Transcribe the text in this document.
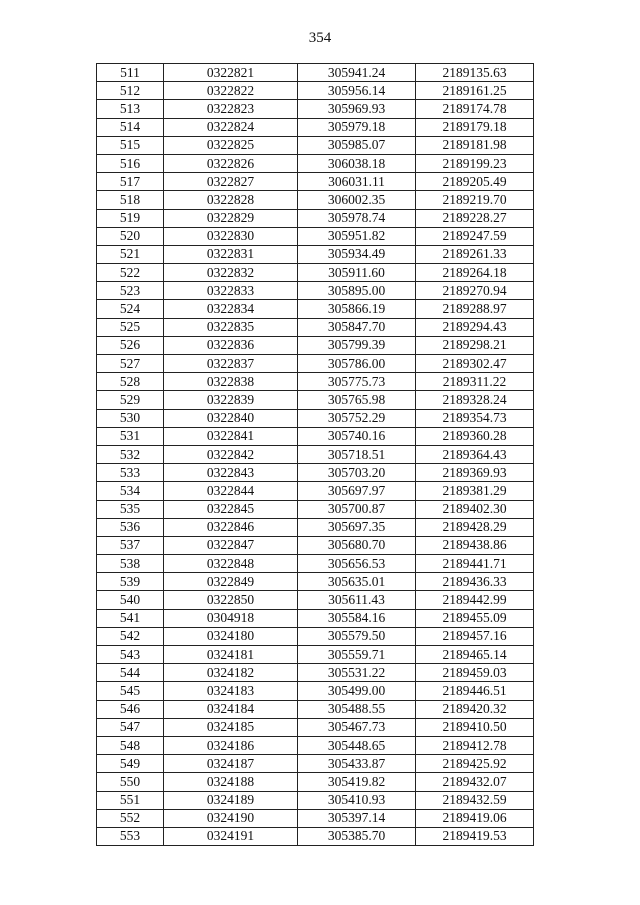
354
511	0322821	305941.24	2189135.63
512	0322822	305956.14	2189161.25
513	0322823	305969.93	2189174.78
514	0322824	305979.18	2189179.18
515	0322825	305985.07	2189181.98
516	0322826	306038.18	2189199.23
517	0322827	306031.11	2189205.49
518	0322828	306002.35	2189219.70
519	0322829	305978.74	2189228.27
520	0322830	305951.82	2189247.59
521	0322831	305934.49	2189261.33
522	0322832	305911.60	2189264.18
523	0322833	305895.00	2189270.94
524	0322834	305866.19	2189288.97
525	0322835	305847.70	2189294.43
526	0322836	305799.39	2189298.21
527	0322837	305786.00	2189302.47
528	0322838	305775.73	2189311.22
529	0322839	305765.98	2189328.24
530	0322840	305752.29	2189354.73
531	0322841	305740.16	2189360.28
532	0322842	305718.51	2189364.43
533	0322843	305703.20	2189369.93
534	0322844	305697.97	2189381.29
535	0322845	305700.87	2189402.30
536	0322846	305697.35	2189428.29
537	0322847	305680.70	2189438.86
538	0322848	305656.53	2189441.71
539	0322849	305635.01	2189436.33
540	0322850	305611.43	2189442.99
541	0304918	305584.16	2189455.09
542	0324180	305579.50	2189457.16
543	0324181	305559.71	2189465.14
544	0324182	305531.22	2189459.03
545	0324183	305499.00	2189446.51
546	0324184	305488.55	2189420.32
547	0324185	305467.73	2189410.50
548	0324186	305448.65	2189412.78
549	0324187	305433.87	2189425.92
550	0324188	305419.82	2189432.07
551	0324189	305410.93	2189432.59
552	0324190	305397.14	2189419.06
553	0324191	305385.70	2189419.53
